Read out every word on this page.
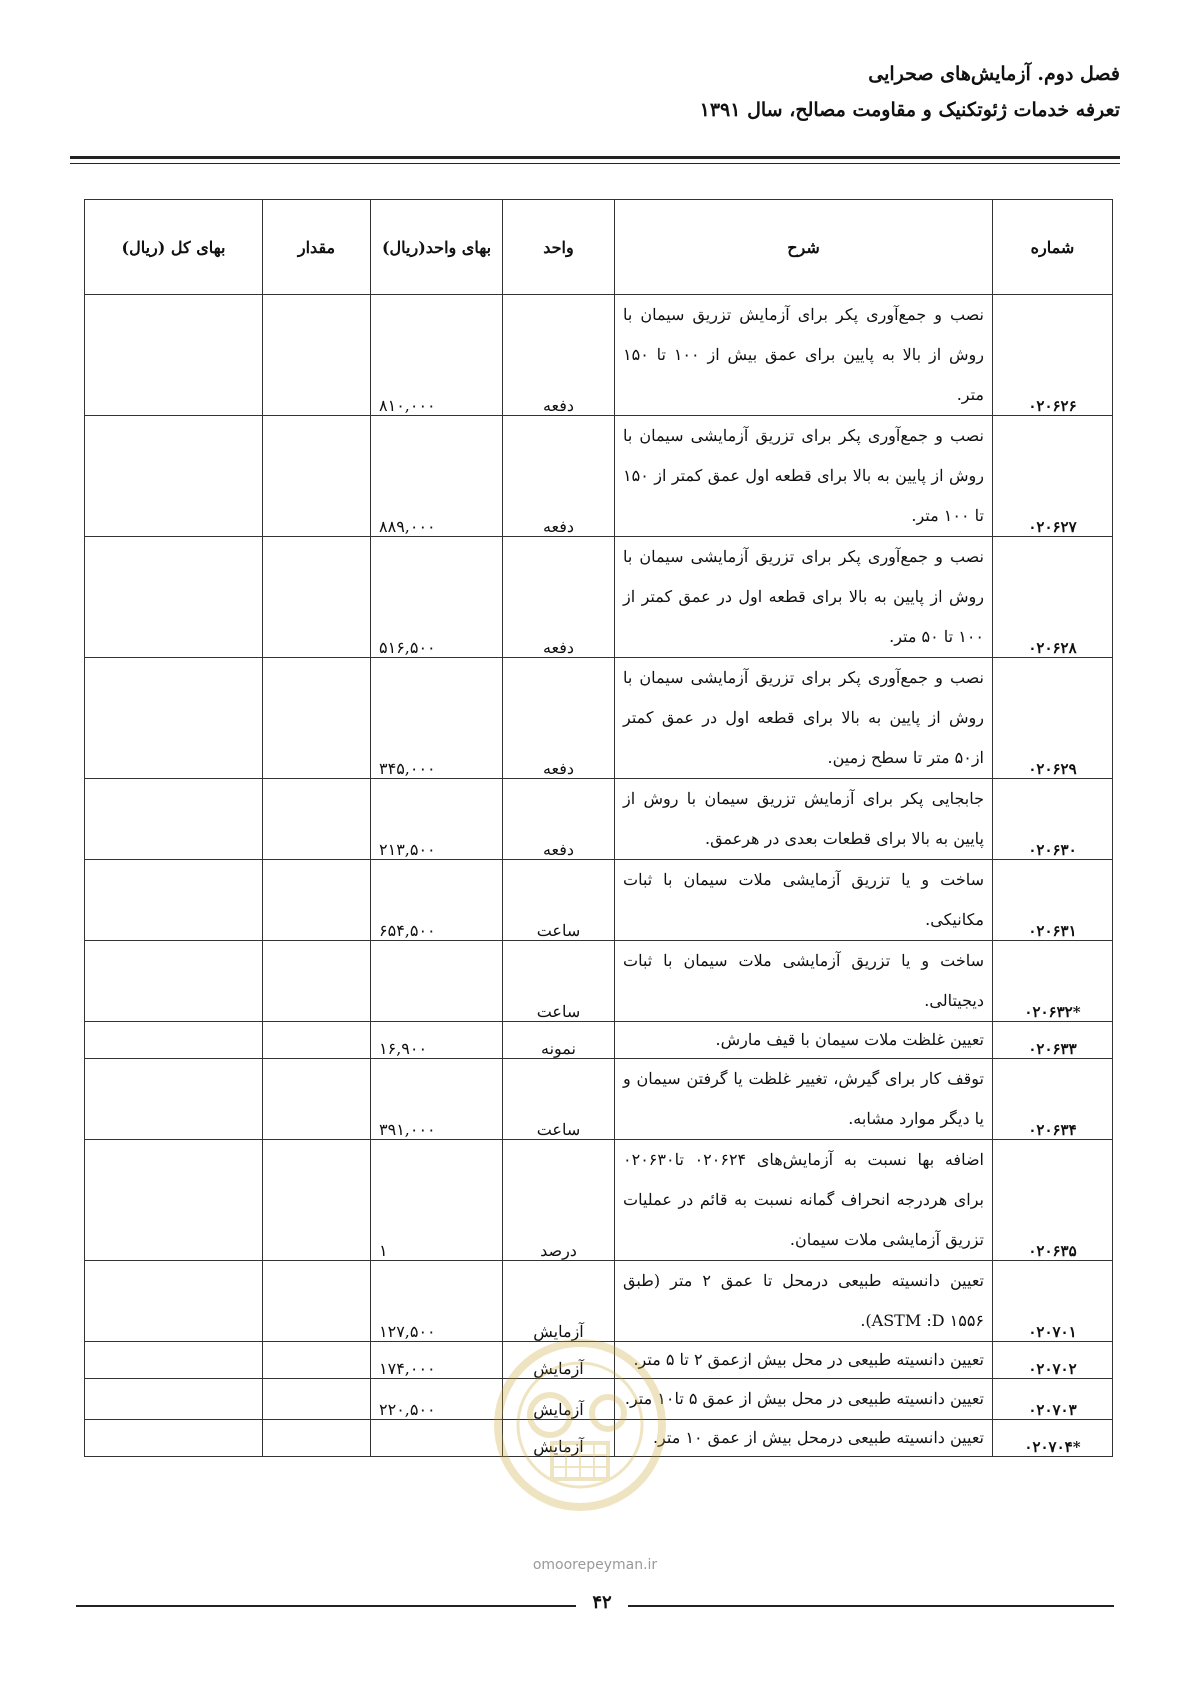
فصل دوم. آزمایش‌های صحرایی
تعرفه خدمات ژئوتکنیک و مقاومت مصالح، سال ۱۳۹۱
شماره	شرح	واحد	بهای واحد(ریال)	مقدار	بهای کل (ریال)
۰۲۰۶۲۶	نصب و جمع‌آوری پکر برای آزمایش تزریق سیمان با روش از بالا به پایین برای عمق بیش از ۱۰۰ تا ۱۵۰ متر.	دفعه	۸۱۰,۰۰۰		
۰۲۰۶۲۷	نصب و جمع‌آوری پکر برای تزریق آزمایشی سیمان با روش از پایین به بالا برای قطعه اول عمق کمتر از ۱۵۰ تا ۱۰۰ متر.	دفعه	۸۸۹,۰۰۰		
۰۲۰۶۲۸	نصب و جمع‌آوری پکر برای تزریق آزمایشی سیمان با روش از پایین به بالا برای قطعه اول در عمق کمتر از ۱۰۰ تا ۵۰ متر.	دفعه	۵۱۶,۵۰۰		
۰۲۰۶۲۹	نصب و جمع‌آوری پکر برای تزریق آزمایشی سیمان با روش از پایین به بالا برای قطعه اول در عمق کمتر از۵۰ متر تا سطح زمین.	دفعه	۳۴۵,۰۰۰		
۰۲۰۶۳۰	جابجایی پکر برای آزمایش تزریق سیمان با روش از پایین به بالا برای قطعات بعدی در هرعمق.	دفعه	۲۱۳,۵۰۰		
۰۲۰۶۳۱	ساخت و یا تزریق آزمایشی ملات سیمان با ثبات مکانیکی.	ساعت	۶۵۴,۵۰۰		
*۰۲۰۶۳۲	ساخت و یا تزریق آزمایشی ملات سیمان با ثبات دیجیتالی.	ساعت			
۰۲۰۶۳۳	تعیین غلظت ملات سیمان با قیف مارش.	نمونه	۱۶,۹۰۰		
۰۲۰۶۳۴	توقف کار برای گیرش، تغییر غلظت یا گرفتن سیمان و یا دیگر موارد مشابه.	ساعت	۳۹۱,۰۰۰		
۰۲۰۶۳۵	اضافه بها نسبت به آزمایش‌های ۰۲۰۶۲۴ تا۰۲۰۶۳۰ برای هردرجه انحراف گمانه نسبت به قائم در عملیات تزریق آزمایشی ملات سیمان.	درصد	۱		
۰۲۰۷۰۱	تعیین دانسیته طبیعی درمحل تا عمق ۲ متر (طبق ۱۵۵۶ ASTM :D).	آزمایش	۱۲۷,۵۰۰		
۰۲۰۷۰۲	تعیین دانسیته طبیعی در محل بیش ازعمق ۲ تا ۵ متر.	آزمایش	۱۷۴,۰۰۰		
۰۲۰۷۰۳	تعیین دانسیته طبیعی در محل بیش از عمق ۵ تا۱۰ متر.	آزمایش	۲۲۰,۵۰۰		
*۰۲۰۷۰۴	تعیین دانسیته طبیعی درمحل بیش از عمق ۱۰ متر.	آزمایش			
omoorepeyman.ir
۴۲
